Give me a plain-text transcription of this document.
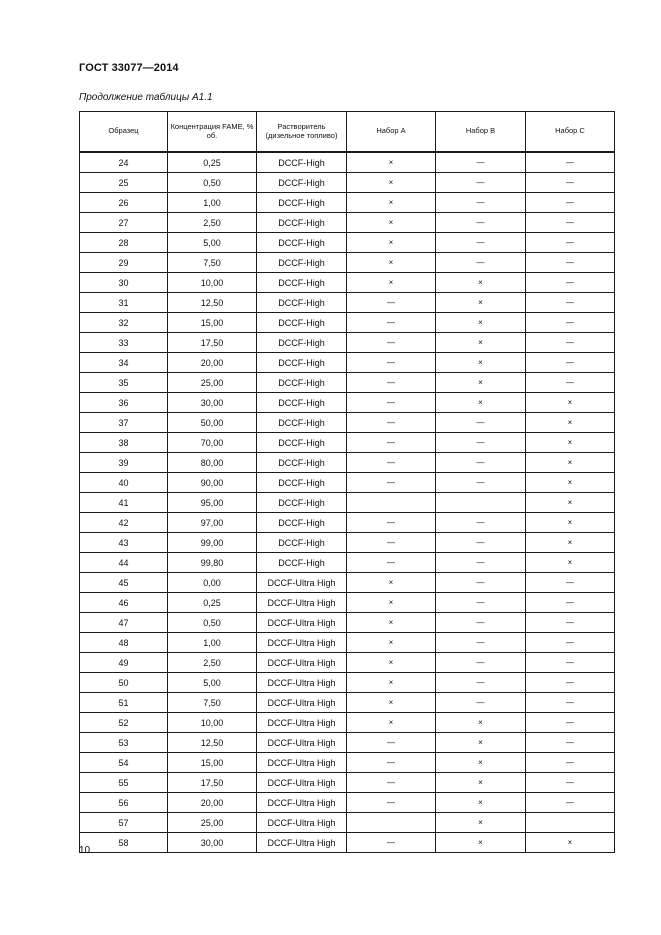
ГОСТ 33077—2014
Продолжение таблицы А1.1
Образец	Концентрация FAME, % об.	Растворитель (дизельное топливо)	Набор А	Набор В	Набор С
24	0,25	DCCF-High	×	—	—
25	0,50	DCCF-High	×	—	—
26	1,00	DCCF-High	×	—	—
27	2,50	DCCF-High	×	—	—
28	5,00	DCCF-High	×	—	—
29	7,50	DCCF-High	×	—	—
30	10,00	DCCF-High	×	×	—
31	12,50	DCCF-High	—	×	—
32	15,00	DCCF-High	—	×	—
33	17,50	DCCF-High	—	×	—
34	20,00	DCCF-High	—	×	—
35	25,00	DCCF-High	—	×	—
36	30,00	DCCF-High	—	×	×
37	50,00	DCCF-High	—	—	×
38	70,00	DCCF-High	—	—	×
39	80,00	DCCF-High	—	—	×
40	90,00	DCCF-High	—	—	×
41	95,00	DCCF-High			×
42	97,00	DCCF-High	—	—	×
43	99,00	DCCF-High	—	—	×
44	99,80	DCCF-High	—	—	×
45	0,00	DCCF-Ultra High	×	—	—
46	0,25	DCCF-Ultra High	×	—	—
47	0,50	DCCF-Ultra High	×	—	—
48	1,00	DCCF-Ultra High	×	—	—
49	2,50	DCCF-Ultra High	×	—	—
50	5,00	DCCF-Ultra High	×	—	—
51	7,50	DCCF-Ultra High	×	—	—
52	10,00	DCCF-Ultra High	×	×	—
53	12,50	DCCF-Ultra High	—	×	—
54	15,00	DCCF-Ultra High	—	×	—
55	17,50	DCCF-Ultra High	—	×	—
56	20,00	DCCF-Ultra High	—	×	—
57	25,00	DCCF-Ultra High		×	
58	30,00	DCCF-Ultra High	—	×	×
10
